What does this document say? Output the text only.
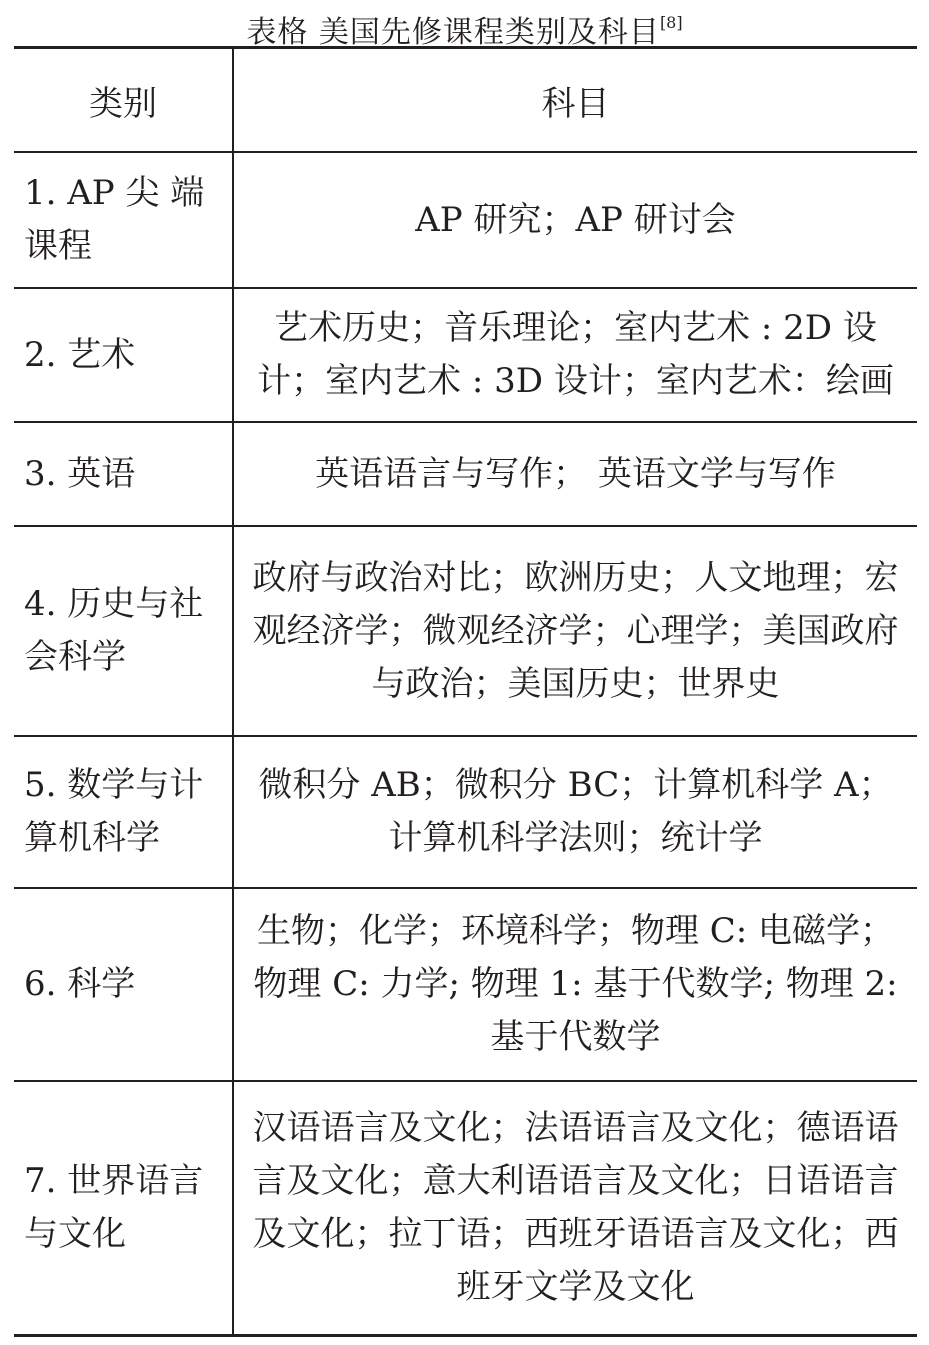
表格 美国先修课程类别及科目[8]
类别	科目
1. AP 尖 端课程	AP 研究；AP 研讨会
2. 艺术	艺术历史；音乐理论；室内艺术 : 2D 设计；室内艺术 : 3D 设计；室内艺术：绘画
3. 英语	英语语言与写作； 英语文学与写作
4. 历史与社会科学	政府与政治对比；欧洲历史；人文地理；宏观经济学；微观经济学；心理学；美国政府与政治；美国历史；世界史
5. 数学与计算机科学	微积分 AB；微积分 BC；计算机科学 A；计算机科学法则；统计学
6. 科学	生物；化学；环境科学；物理 C: 电磁学；物理 C: 力学; 物理 1: 基于代数学; 物理 2: 基于代数学
7. 世界语言与文化	汉语语言及文化；法语语言及文化；德语语言及文化；意大利语语言及文化；日语语言及文化；拉丁语；西班牙语语言及文化；西班牙文学及文化
